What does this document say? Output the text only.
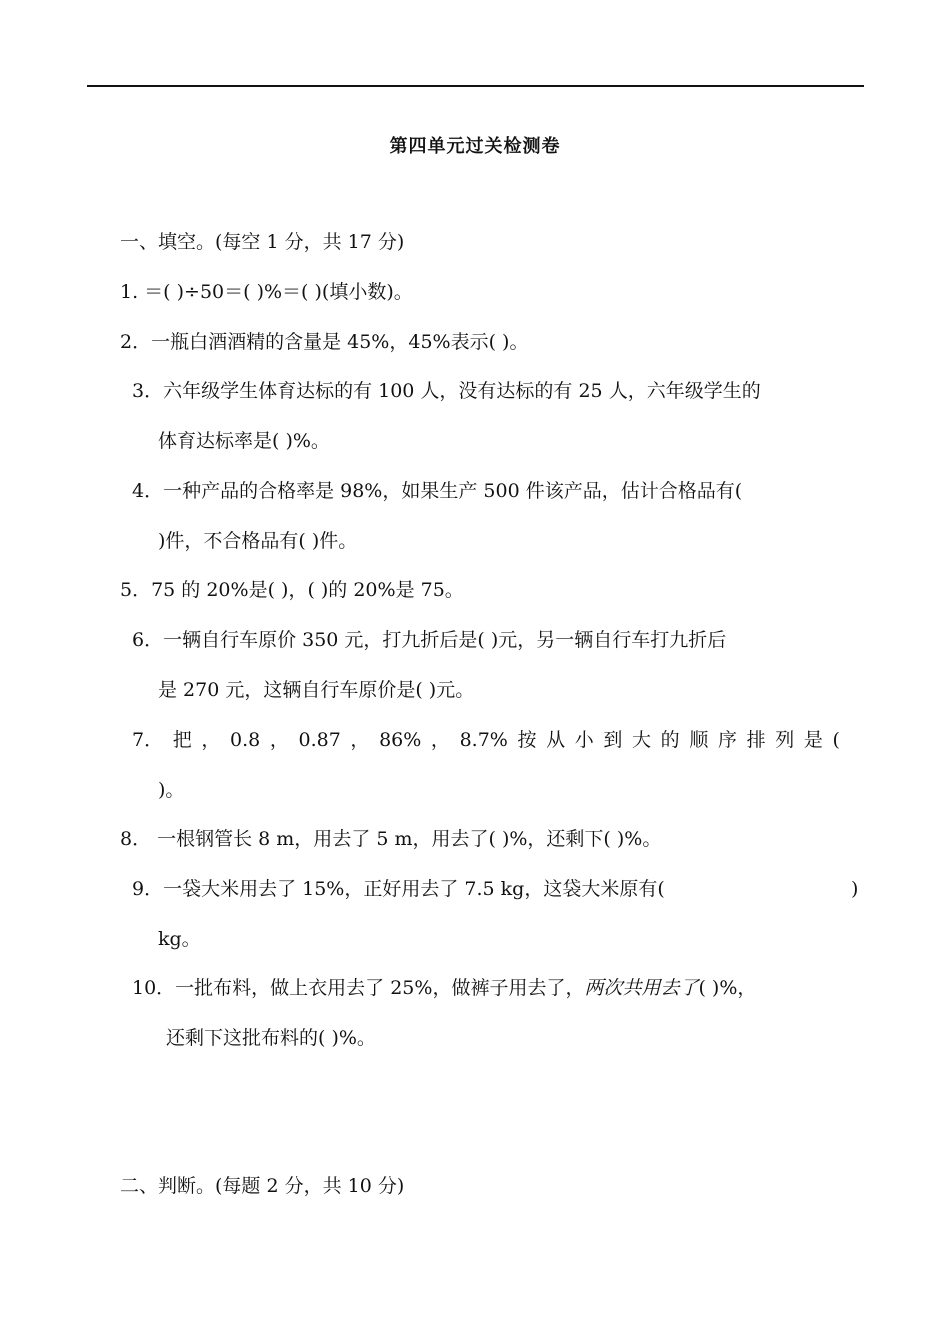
第四单元过关检测卷
一、填空。(每空 1 分，共 17 分)
1. ＝( )÷50＝( )%＝( )(填小数)。
2．一瓶白酒酒精的含量是 45%，45%表示( )。
3．六年级学生体育达标的有 100 人，没有达标的有 25 人，六年级学生的
体育达标率是( )%。
4．一种产品的合格率是 98%，如果生产 500 件该产品，估计合格品有(
)件，不合格品有( )件。
5．75 的 20%是( )，( )的 20%是 75。
6．一辆自行车原价 350 元，打九折后是( )元，另一辆自行车打九折后
是 270 元，这辆自行车原价是( )元。
7． 把 ， 0.8 ， 0.87 ， 86% ， 8.7% 按 从 小 到 大 的 顺 序 排 列 是 (
)。
8． 一根钢管长 8 m，用去了 5 m，用去了( )%，还剩下( )%。
9．一袋大米用去了 15%，正好用去了 7.5 kg，这袋大米原有(	)
kg。
10．一批布料，做上衣用去了 25%，做裤子用去了，两次共用去了( )%，
还剩下这批布料的( )%。
二、判断。(每题 2 分，共 10 分)
